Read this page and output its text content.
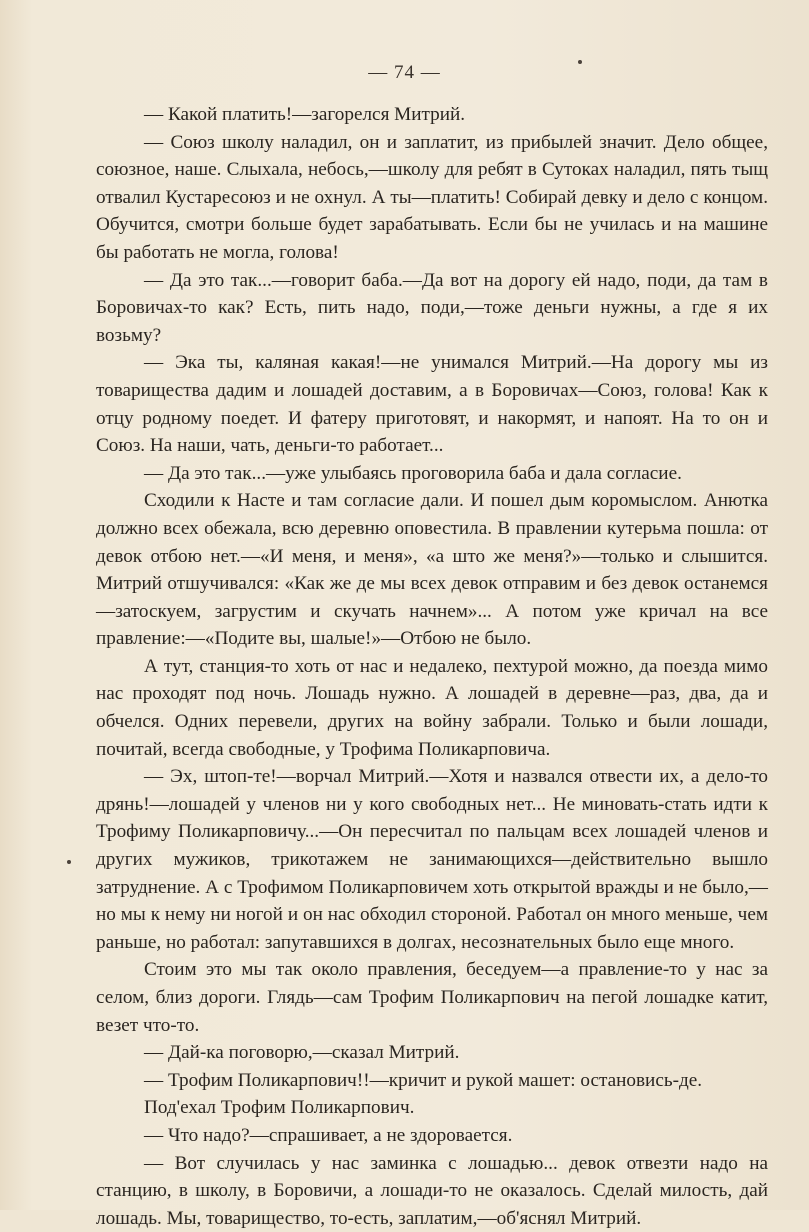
— 74 —

— Какой платить!—загорелся Митрий.

— Союз школу наладил, он и заплатит, из прибылей значит. Дело общее, союзное, наше. Слыхала, небось,—школу для ребят в Сутоках наладил, пять тыщ отвалил Кустаресоюз и не охнул. А ты—платить! Собирай девку и дело с концом. Обучится, смотри больше будет зарабатывать. Если бы не училась и на машине бы работать не могла, голова!

— Да это так...—говорит баба.—Да вот на дорогу ей надо, поди, да там в Боровичах-то как? Есть, пить надо, поди,—тоже деньги нужны, а где я их возьму?

— Эка ты, каляная какая!—не унимался Митрий.—На дорогу мы из товарищества дадим и лошадей доставим, а в Боровичах—Союз, голова! Как к отцу родному поедет. И фатеру приготовят, и накормят, и напоят. На то он и Союз. На наши, чать, деньги-то работает...

— Да это так...—уже улыбаясь проговорила баба и дала согласие.

Сходили к Насте и там согласие дали. И пошел дым коромыслом. Анютка должно всех обежала, всю деревню оповестила. В правлении кутерьма пошла: от девок отбою нет.—«И меня, и меня», «а што же меня?»—только и слышится. Митрий отшучивался: «Как же де мы всех девок отправим и без девок останемся—затоскуем, загрустим и скучать начнем»... А потом уже кричал на все правление:—«Подите вы, шалые!»—Отбою не было.

А тут, станция-то хоть от нас и недалеко, пехтурой можно, да поезда мимо нас проходят под ночь. Лошадь нужно. А лошадей в деревне—раз, два, да и обчелся. Одних перевели, других на войну забрали. Только и были лошади, почитай, всегда свободные, у Трофима Поликарповича.

— Эх, штоп-те!—ворчал Митрий.—Хотя и назвался отвести их, а дело-то дрянь!—лошадей у членов ни у кого свободных нет... Не миновать-стать идти к Трофиму Поликарповичу...—Он пересчитал по пальцам всех лошадей членов и других мужиков, трикотажем не занимающихся—действительно вышло затруднение. А с Трофимом Поликарповичем хоть открытой вражды и не было,—но мы к нему ни ногой и он нас обходил стороной. Работал он много меньше, чем раньше, но работал: запутавшихся в долгах, несознательных было еще много.

Стоим это мы так около правления, беседуем—а правление-то у нас за селом, близ дороги. Глядь—сам Трофим Поликарпович на пегой лошадке катит, везет что-то.

— Дай-ка поговорю,—сказал Митрий.

— Трофим Поликарпович!!—кричит и рукой машет: остановись-де.

Под'ехал Трофим Поликарпович.

— Что надо?—спрашивает, а не здоровается.

— Вот случилась у нас заминка с лошадью... девок отвезти надо на станцию, в школу, в Боровичи, а лошади-то не оказалось. Сделай милость, дай лошадь. Мы, товарищество, то-есть, заплатим,—об'яснял Митрий.
